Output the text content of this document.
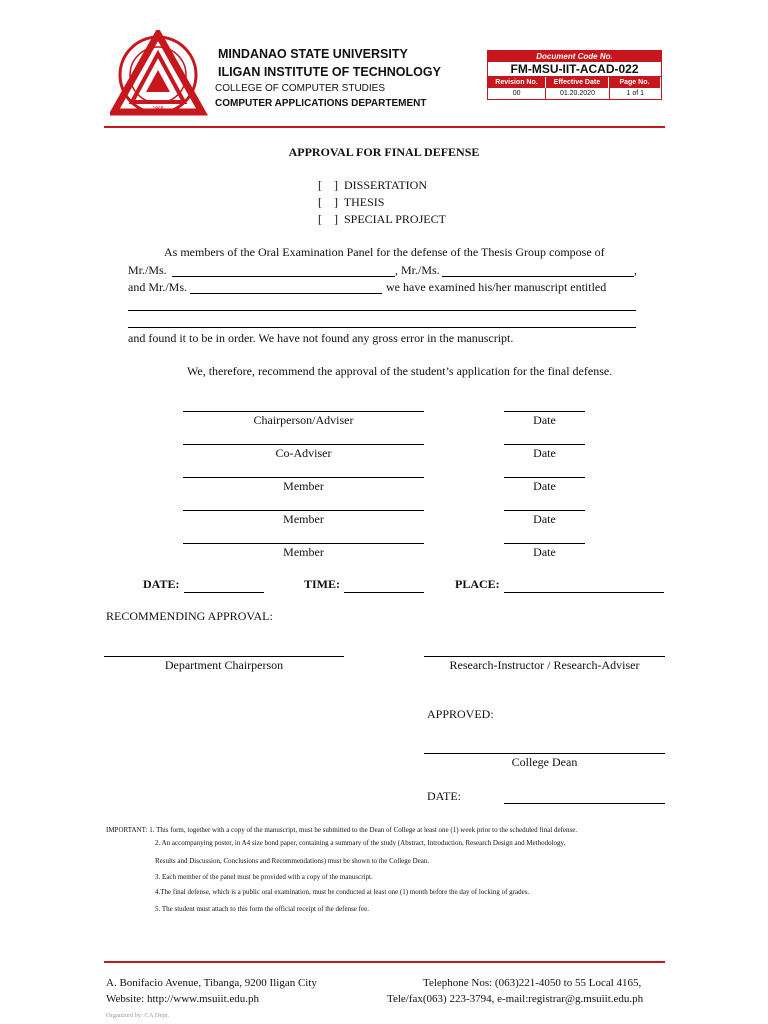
1968
MINDANAO STATE UNIVERSITY
ILIGAN INSTITUTE OF TECHNOLOGY
COLLEGE OF COMPUTER STUDIES
COMPUTER APPLICATIONS DEPARTEMENT
Document Code No.
FM-MSU-IIT-ACAD-022
Revision No.	Effective Date	Page No.
00	01.20.2020	1 of 1
APPROVAL FOR FINAL DEFENSE
[    ]  DISSERTATION
[    ]  THESIS
[    ]  SPECIAL PROJECT
As members of the Oral Examination Panel for the defense of the Thesis Group compose of
Mr./Ms.	, Mr./Ms.	,
and Mr./Ms.	we have examined his/her manuscript entitled
and found it to be in order. We have not found any gross error in the manuscript.
We, therefore, recommend the approval of the student’s application for the final defense.
Chairperson/Adviser	Date
Co-Adviser	Date
Member	Date
Member	Date
Member	Date
DATE:	TIME:	PLACE:
RECOMMENDING APPROVAL:
Department Chairperson	Research-Instructor / Research-Adviser
APPROVED:
College Dean
DATE:
IMPORTANT: 1. This form, together with a copy of the manuscript, must be submitted to the Dean of College at least one (1) week prior to the scheduled final defense.
2. An accompanying poster, in A4 size bond paper, containing a summary of the study (Abstract, Introduction, Research Design and Methodology,
Results and Discussion, Conclusions and Recommendations) must be shown to the College Dean.
3. Each member of the panel must be provided with a copy of the manuscript.
4.The final defense, which is a public oral examination, must be conducted at least one (1) month before the day of locking of grades.
5. The student must attach to this form the official receipt of the defense fee.
A. Bonifacio Avenue, Tibanga, 9200 Iligan City
Website: http://www.msuiit.edu.ph
Telephone Nos: (063)221-4050 to 55 Local 4165,
Tele/fax(063) 223-3794, e-mail:registrar@g.msuiit.edu.ph
Organized by: CA Dept.
